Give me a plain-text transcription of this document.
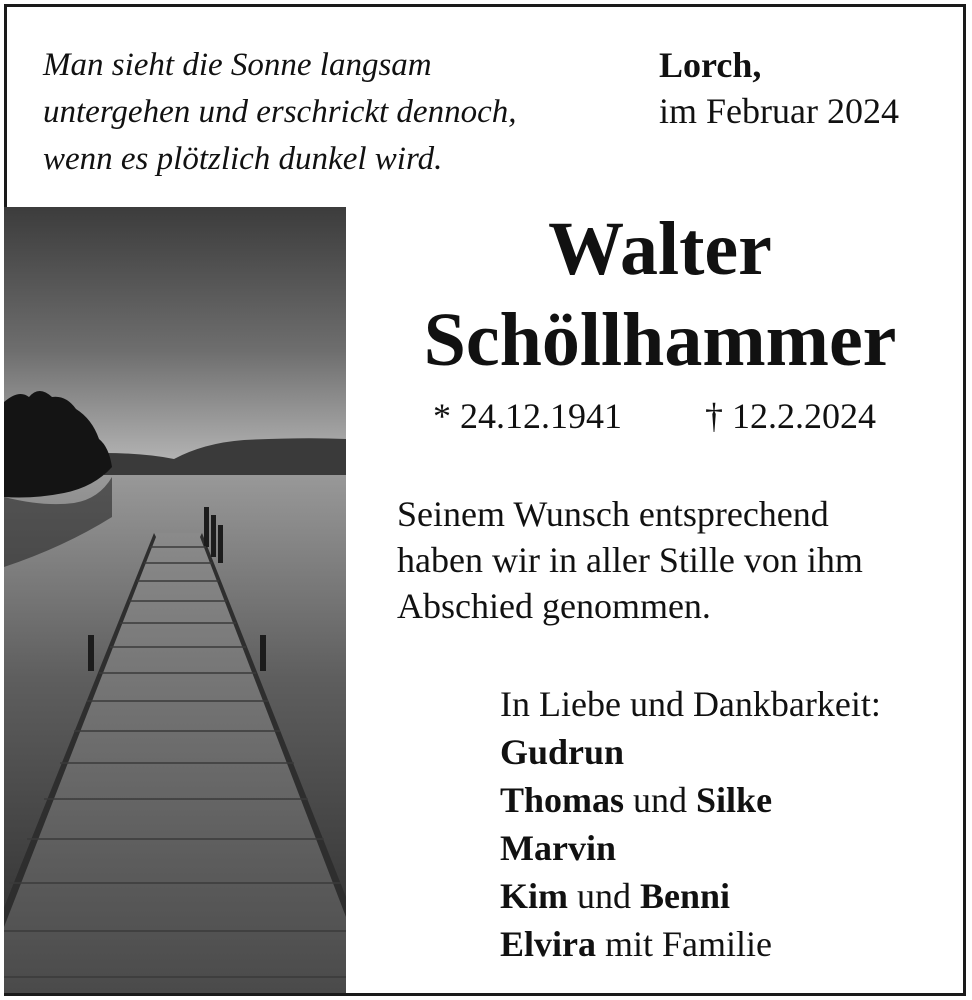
Man sieht die Sonne langsam
untergehen und erschrickt dennoch,
wenn es plötzlich dunkel wird.
Lorch,
im Februar 2024
Walter
Schöllhammer
* 24.12.1941 † 12.2.2024
Seinem Wunsch entsprechend
haben wir in aller Stille von ihm
Abschied genommen.
In Liebe und Dankbarkeit:
Gudrun
Thomas und Silke
Marvin
Kim und Benni
Elvira mit Familie
